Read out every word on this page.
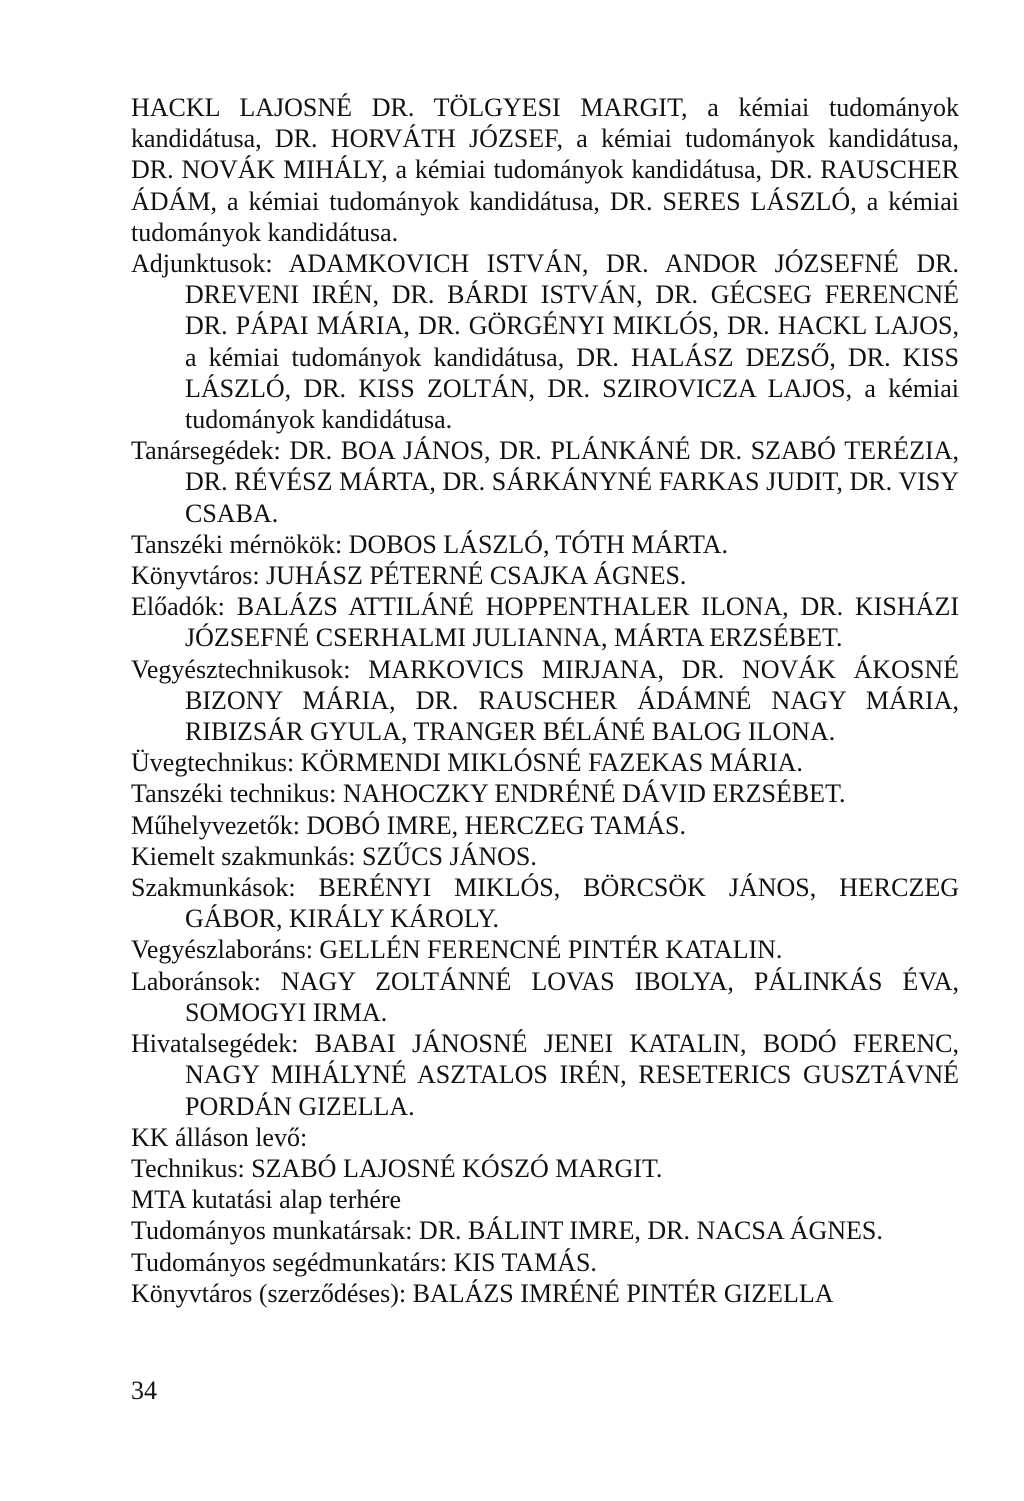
HACKL LAJOSNÉ DR. TÖLGYESI MARGIT, a kémiai tudományok kandidátusa, DR. HORVÁTH JÓZSEF, a kémiai tudományok kandidátusa, DR. NOVÁK MIHÁLY, a kémiai tudományok kandidátusa, DR. RAUSCHER ÁDÁM, a kémiai tudományok kandidátusa, DR. SERES LÁSZLÓ, a kémiai tudományok kandidátusa.

Adjunktusok: ADAMKOVICH ISTVÁN, DR. ANDOR JÓZSEFNÉ DR. DREVENI IRÉN, DR. BÁRDI ISTVÁN, DR. GÉCSEG FERENCNÉ DR. PÁPAI MÁRIA, DR. GÖRGÉNYI MIKLÓS, DR. HACKL LAJOS, a kémiai tudományok kandidátusa, DR. HALÁSZ DEZSŐ, DR. KISS LÁSZLÓ, DR. KISS ZOLTÁN, DR. SZIROVICZA LAJOS, a kémiai tudományok kandidátusa.

Tanársegédek: DR. BOA JÁNOS, DR. PLÁNKÁNÉ DR. SZABÓ TERÉZIA, DR. RÉVÉSZ MÁRTA, DR. SÁRKÁNYNÉ FARKAS JUDIT, DR. VISY CSABA.

Tanszéki mérnökök: DOBOS LÁSZLÓ, TÓTH MÁRTA.

Könyvtáros: JUHÁSZ PÉTERNÉ CSAJKA ÁGNES.

Előadók: BALÁZS ATTILÁNÉ HOPPENTHALER ILONA, DR. KISHÁZI JÓZSEFNÉ CSERHALMI JULIANNA, MÁRTA ERZSÉBET.

Vegyésztechnikusok: MARKOVICS MIRJANA, DR. NOVÁK ÁKOSNÉ BIZONY MÁRIA, DR. RAUSCHER ÁDÁMNÉ NAGY MÁRIA, RIBIZSÁR GYULA, TRANGER BÉLÁNÉ BALOG ILONA.

Üvegtechnikus: KÖRMENDI MIKLÓSNÉ FAZEKAS MÁRIA.

Tanszéki technikus: NAHOCZKY ENDRÉNÉ DÁVID ERZSÉBET.

Műhelyvezetők: DOBÓ IMRE, HERCZEG TAMÁS.

Kiemelt szakmunkás: SZŰCS JÁNOS.

Szakmunkások: BERÉNYI MIKLÓS, BÖRCSÖK JÁNOS, HERCZEG GÁBOR, KIRÁLY KÁROLY.

Vegyészlaboráns: GELLÉN FERENCNÉ PINTÉR KATALIN.

Laboránsok: NAGY ZOLTÁNNÉ LOVAS IBOLYA, PÁLINKÁS ÉVA, SOMOGYI IRMA.

Hivatalsegédek: BABAI JÁNOSNÉ JENEI KATALIN, BODÓ FERENC, NAGY MIHÁLYNÉ ASZTALOS IRÉN, RESETERICS GUSZTÁVNÉ PORDÁN GIZELLA.

KK álláson levő:

Technikus: SZABÓ LAJOSNÉ KÓSZÓ MARGIT.

MTA kutatási alap terhére

Tudományos munkatársak: DR. BÁLINT IMRE, DR. NACSA ÁGNES.

Tudományos segédmunkatárs: KIS TAMÁS.

Könyvtáros (szerződéses): BALÁZS IMRÉNÉ PINTÉR GIZELLA

34
